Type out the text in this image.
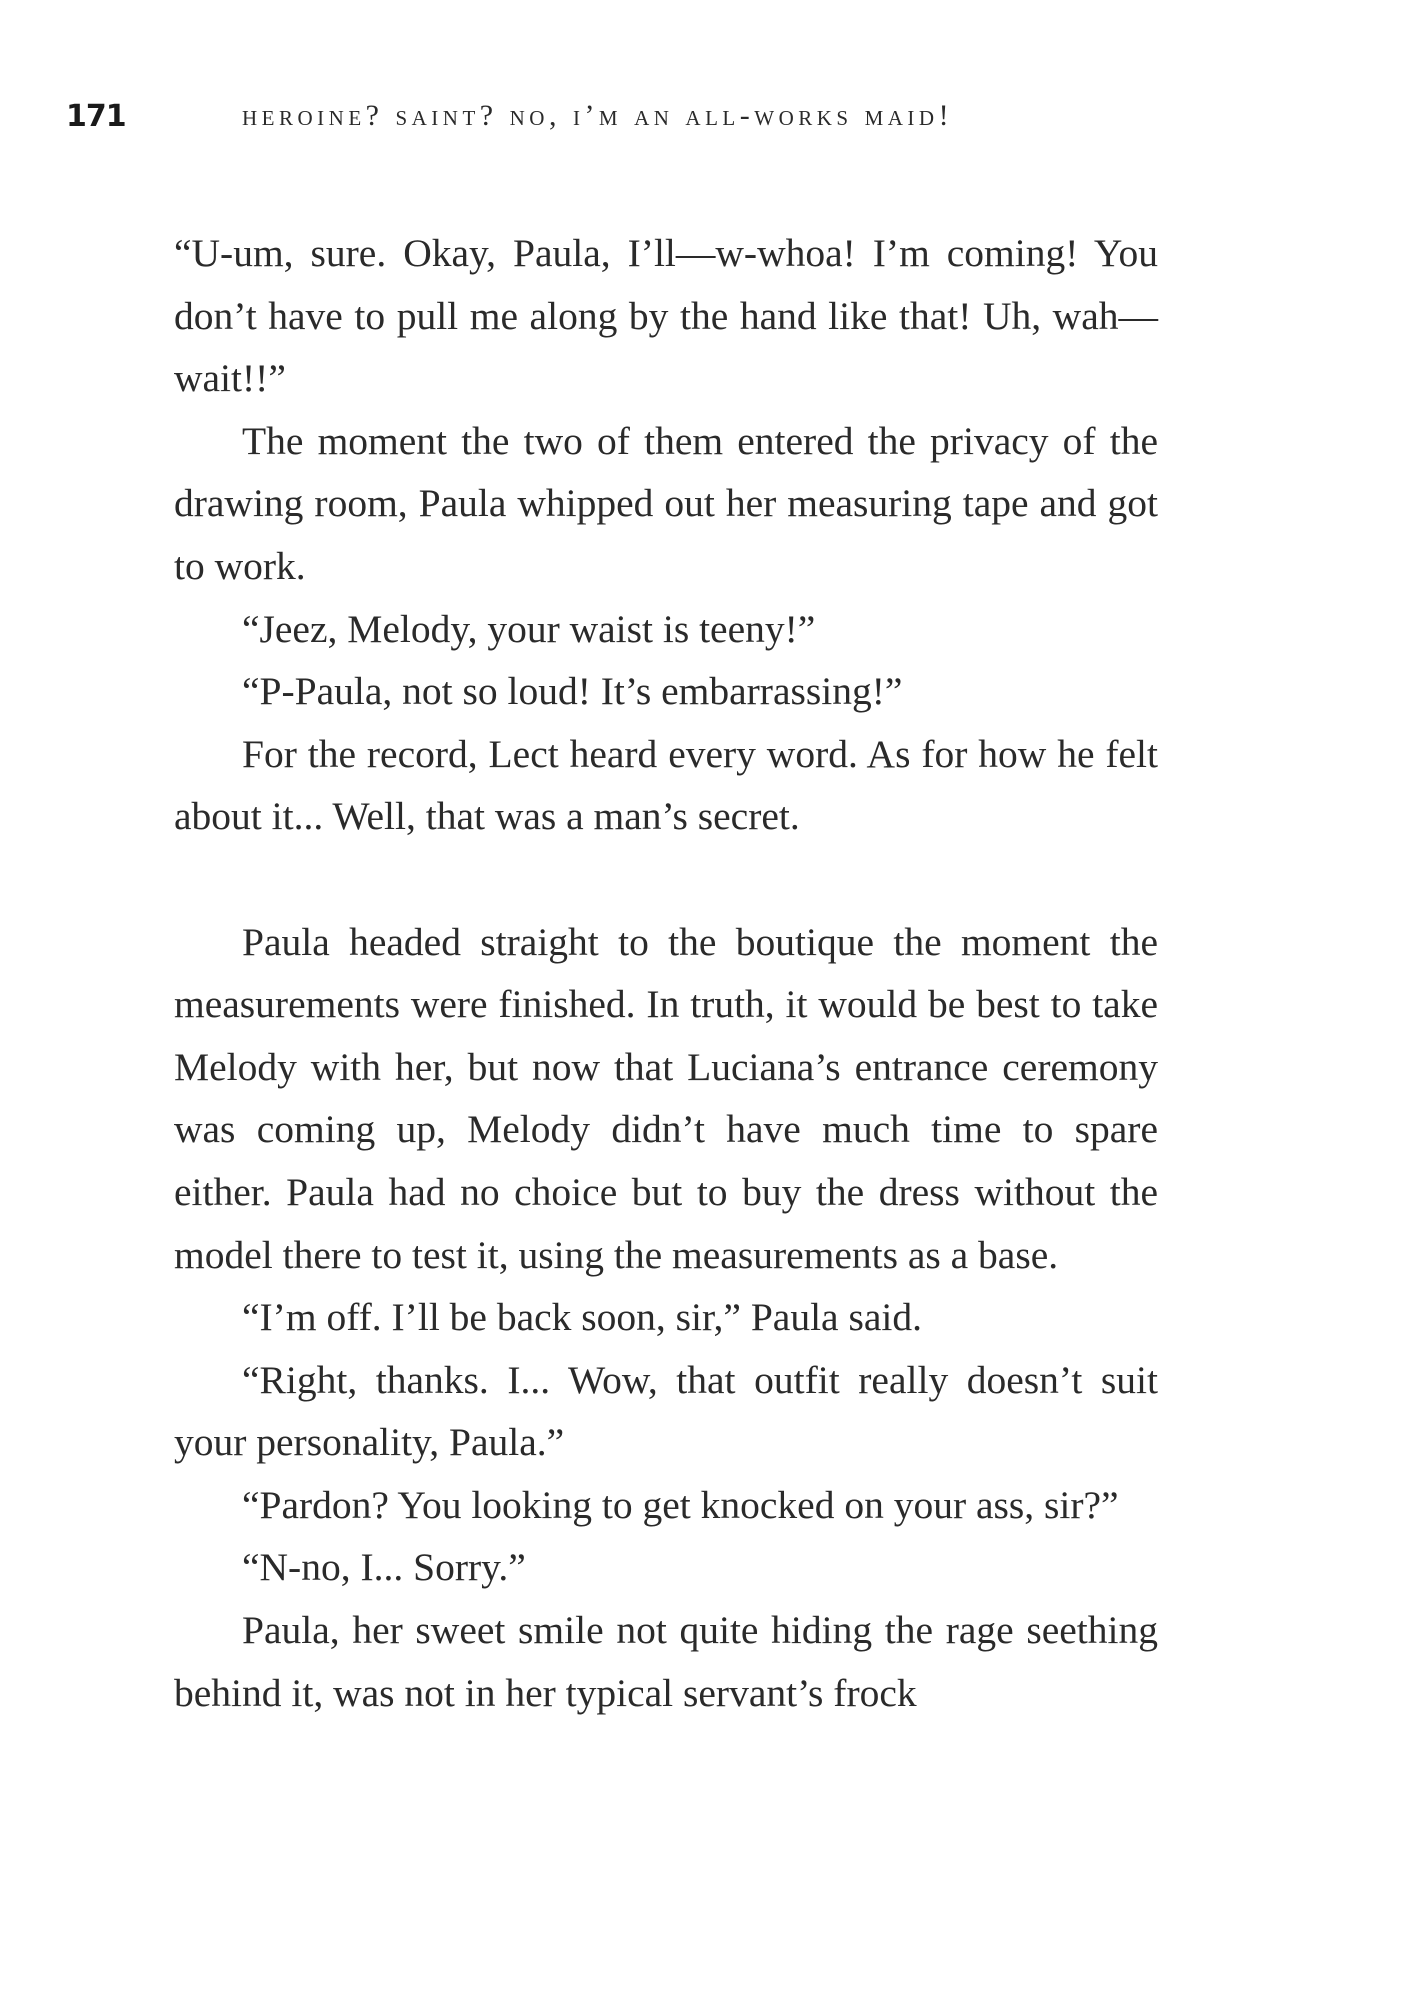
171	heroine? saint? no, i’m an all-works maid!

“U-um, sure. Okay, Paula, I’ll—w-whoa! I’m coming! You don’t have to pull me along by the hand like that! Uh, wah—wait!!”

The moment the two of them entered the privacy of the drawing room, Paula whipped out her measuring tape and got to work.

“Jeez, Melody, your waist is teeny!”

“P-Paula, not so loud! It’s embarrassing!”

For the record, Lect heard every word. As for how he felt about it... Well, that was a man’s secret.

Paula headed straight to the boutique the moment the measurements were finished. In truth, it would be best to take Melody with her, but now that Luciana’s entrance ceremony was coming up, Melody didn’t have much time to spare either. Paula had no choice but to buy the dress without the model there to test it, using the measurements as a base.

“I’m off. I’ll be back soon, sir,” Paula said.

“Right, thanks. I... Wow, that outfit really doesn’t suit your personality, Paula.”

“Pardon? You looking to get knocked on your ass, sir?”

“N-no, I... Sorry.”

Paula, her sweet smile not quite hiding the rage seething behind it, was not in her typical servant’s frock
